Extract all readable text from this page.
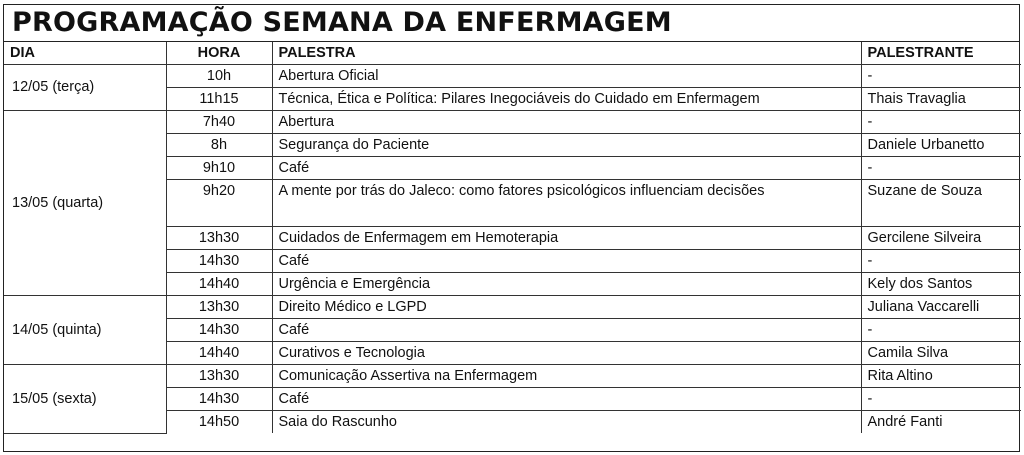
PROGRAMAÇÃO SEMANA DA ENFERMAGEM
DIA	HORA	PALESTRA	PALESTRANTE
12/05 (terça)	10h	Abertura Oficial	-
	11h15	Técnica, Ética e Política: Pilares Inegociáveis do Cuidado em Enfermagem	Thais Travaglia
13/05 (quarta)	7h40	Abertura	-
	8h	Segurança do Paciente	Daniele Urbanetto
	9h10	Café	-
	9h20	A mente por trás do Jaleco: como fatores psicológicos influenciam decisões	Suzane de Souza
	13h30	Cuidados de Enfermagem em Hemoterapia	Gercilene Silveira
	14h30	Café	-
	14h40	Urgência e Emergência	Kely dos Santos
14/05 (quinta)	13h30	Direito Médico e LGPD	Juliana Vaccarelli
	14h30	Café	-
	14h40	Curativos e Tecnologia	Camila Silva
15/05 (sexta)	13h30	Comunicação Assertiva na Enfermagem	Rita Altino
	14h30	Café	-
	14h50	Saia do Rascunho	André Fanti
